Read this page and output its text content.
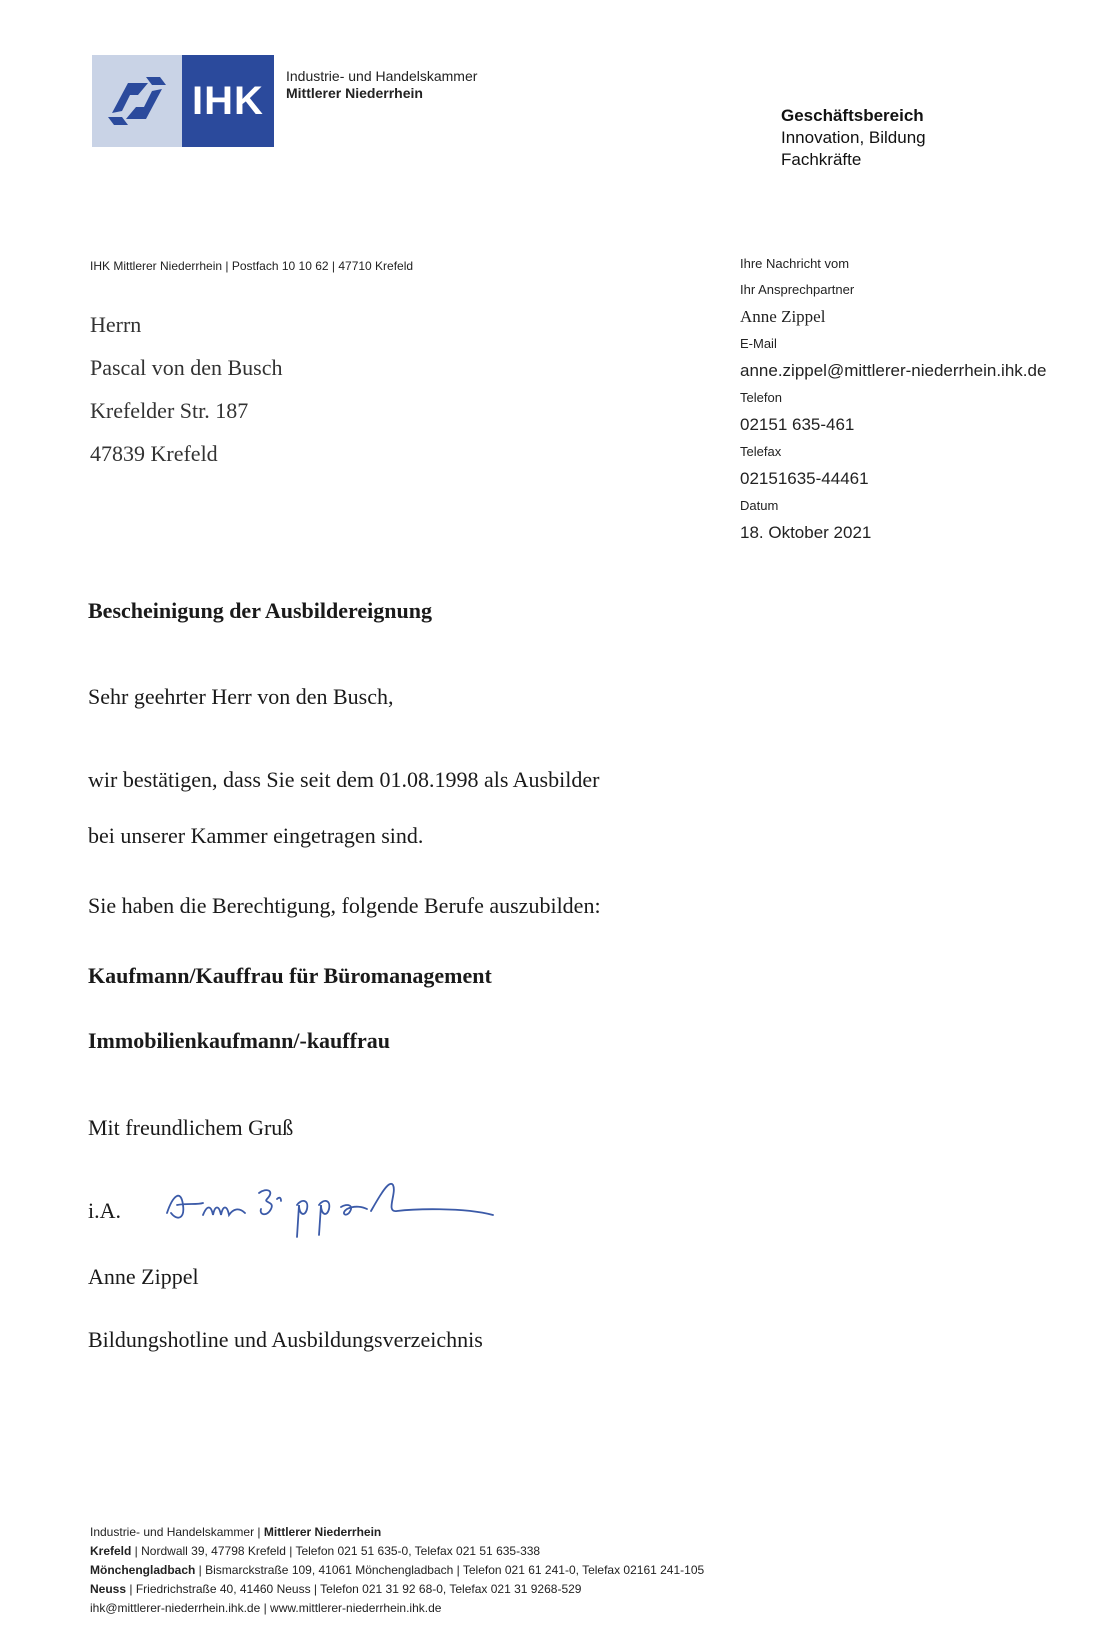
IHK
Industrie- und Handelskammer
Mittlerer Niederrhein
Geschäftsbereich
Innovation, Bildung
Fachkräfte
IHK Mittlerer Niederrhein | Postfach 10 10 62 | 47710 Krefeld
Herrn
Pascal von den Busch
Krefelder Str. 187
47839 Krefeld
Ihre Nachricht vom
Ihr Ansprechpartner
Anne Zippel
E-Mail
anne.zippel@mittlerer-niederrhein.ihk.de
Telefon
02151 635-461
Telefax
02151635-44461
Datum
18. Oktober 2021
Bescheinigung der Ausbildereignung
Sehr geehrter Herr von den Busch,
wir bestätigen, dass Sie seit dem 01.08.1998 als Ausbilder
bei unserer Kammer eingetragen sind.
Sie haben die Berechtigung, folgende Berufe auszubilden:
Kaufmann/Kauffrau für Büromanagement
Immobilienkaufmann/-kauffrau
Mit freundlichem Gruß
i.A.
Anne Zippel
Bildungshotline und Ausbildungsverzeichnis
Industrie- und Handelskammer | Mittlerer Niederrhein
Krefeld | Nordwall 39, 47798 Krefeld | Telefon 021 51 635-0, Telefax 021 51 635-338
Mönchengladbach | Bismarckstraße 109, 41061 Mönchengladbach | Telefon 021 61 241-0, Telefax 02161 241-105
Neuss | Friedrichstraße 40, 41460 Neuss | Telefon 021 31 92 68-0, Telefax 021 31 9268-529
ihk@mittlerer-niederrhein.ihk.de | www.mittlerer-niederrhein.ihk.de
